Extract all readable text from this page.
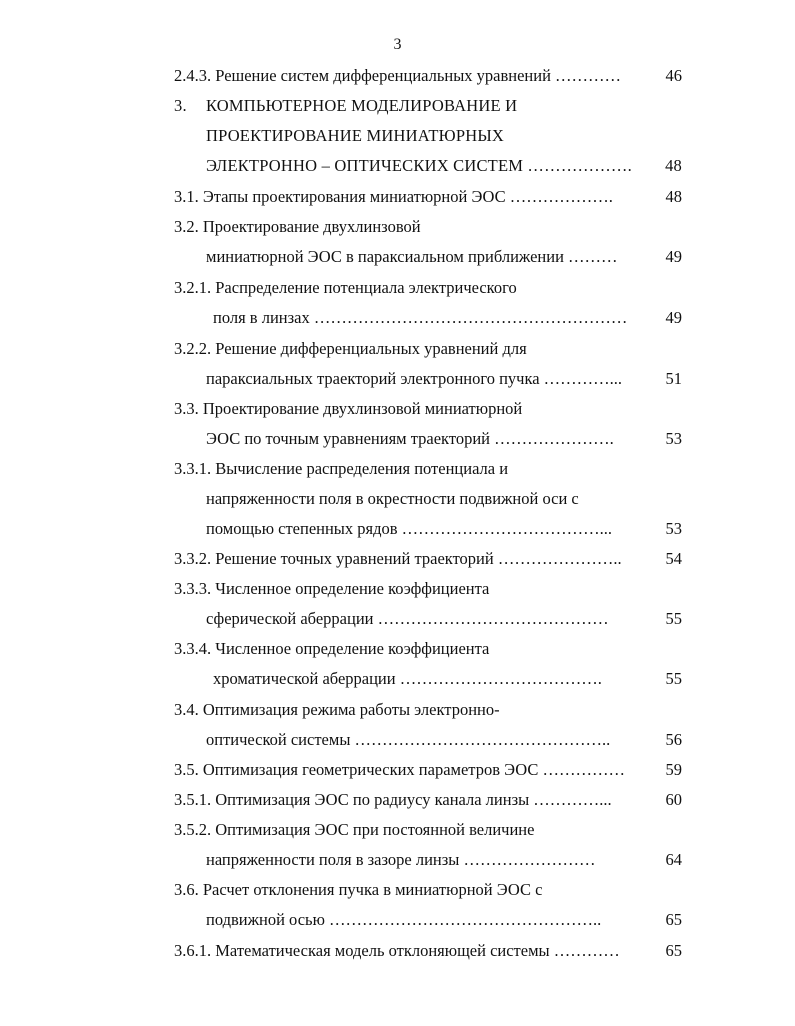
3
2.4.3. Решение систем дифференциальных уравнений …………	46
3. КОМПЬЮТЕРНОЕ МОДЕЛИРОВАНИЕ И
ПРОЕКТИРОВАНИЕ МИНИАТЮРНЫХ
ЭЛЕКТРОННО – ОПТИЧЕСКИХ СИСТЕМ ……………….	48
3.1. Этапы проектирования миниатюрной ЭОС ……………….	48
3.2. Проектирование двухлинзовой
миниатюрной ЭОС в параксиальном приближении ………	49
3.2.1. Распределение потенциала электрического
поля в линзах …………………………………………………	49
3.2.2. Решение дифференциальных уравнений для
параксиальных траекторий электронного пучка …………...	51
3.3. Проектирование двухлинзовой миниатюрной
ЭОС по точным уравнениям траекторий ………………….	53
3.3.1. Вычисление распределения потенциала и
напряженности поля в окрестности подвижной оси с
помощью степенных рядов ………………………………...	53
3.3.2. Решение точных уравнений траекторий …………………..	54
3.3.3. Численное определение коэффициента
сферической аберрации ……………………………………	55
3.3.4. Численное определение коэффициента
хроматической аберрации ……………………………….	55
3.4. Оптимизация режима работы электронно-
оптической системы ………………………………………..	56
3.5. Оптимизация геометрических параметров ЭОС ……………	59
3.5.1. Оптимизация ЭОС по радиусу канала линзы …………...	60
3.5.2. Оптимизация ЭОС при постоянной величине
напряженности поля в зазоре линзы ……………………	64
3.6. Расчет отклонения пучка в миниатюрной ЭОС с
подвижной осью …………………………………………..	65
3.6.1. Математическая модель отклоняющей системы …………	65
